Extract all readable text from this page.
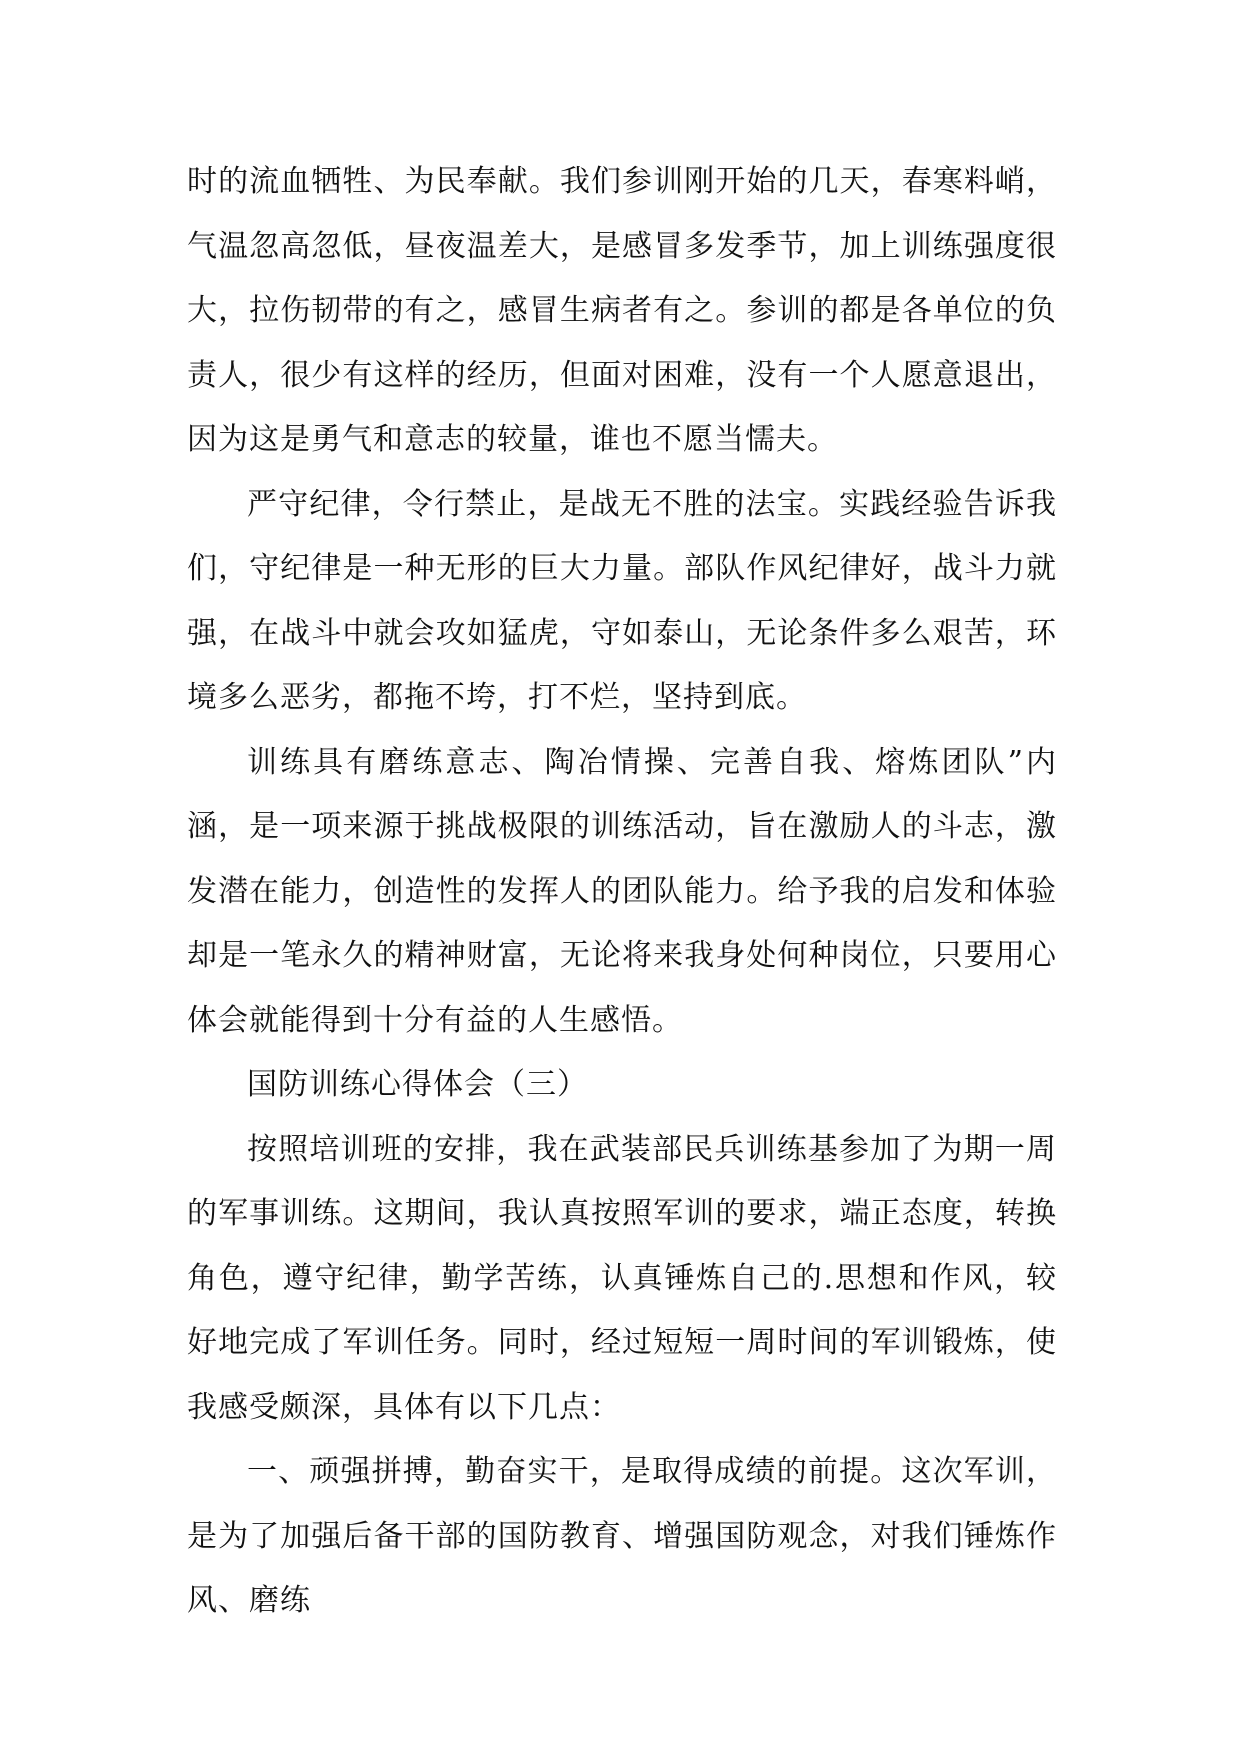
时的流血牺牲、为民奉献。我们参训刚开始的几天，春寒料峭，气温忽高忽低，昼夜温差大，是感冒多发季节，加上训练强度很大，拉伤韧带的有之，感冒生病者有之。参训的都是各单位的负责人，很少有这样的经历，但面对困难，没有一个人愿意退出，因为这是勇气和意志的较量，谁也不愿当懦夫。

严守纪律，令行禁止，是战无不胜的法宝。实践经验告诉我们，守纪律是一种无形的巨大力量。部队作风纪律好，战斗力就强，在战斗中就会攻如猛虎，守如泰山，无论条件多么艰苦，环境多么恶劣，都拖不垮，打不烂，坚持到底。

训练具有磨练意志、陶冶情操、完善自我、熔炼团队”内涵，是一项来源于挑战极限的训练活动，旨在激励人的斗志，激发潜在能力，创造性的发挥人的团队能力。给予我的启发和体验却是一笔永久的精神财富，无论将来我身处何种岗位，只要用心体会就能得到十分有益的人生感悟。

国防训练心得体会（三）

按照培训班的安排，我在武装部民兵训练基参加了为期一周的军事训练。这期间，我认真按照军训的要求，端正态度，转换角色，遵守纪律，勤学苦练，认真锤炼自己的.思想和作风，较好地完成了军训任务。同时，经过短短一周时间的军训锻炼，使我感受颇深，具体有以下几点：

一、顽强拼搏，勤奋实干，是取得成绩的前提。这次军训，是为了加强后备干部的国防教育、增强国防观念，对我们锤炼作风、磨练
